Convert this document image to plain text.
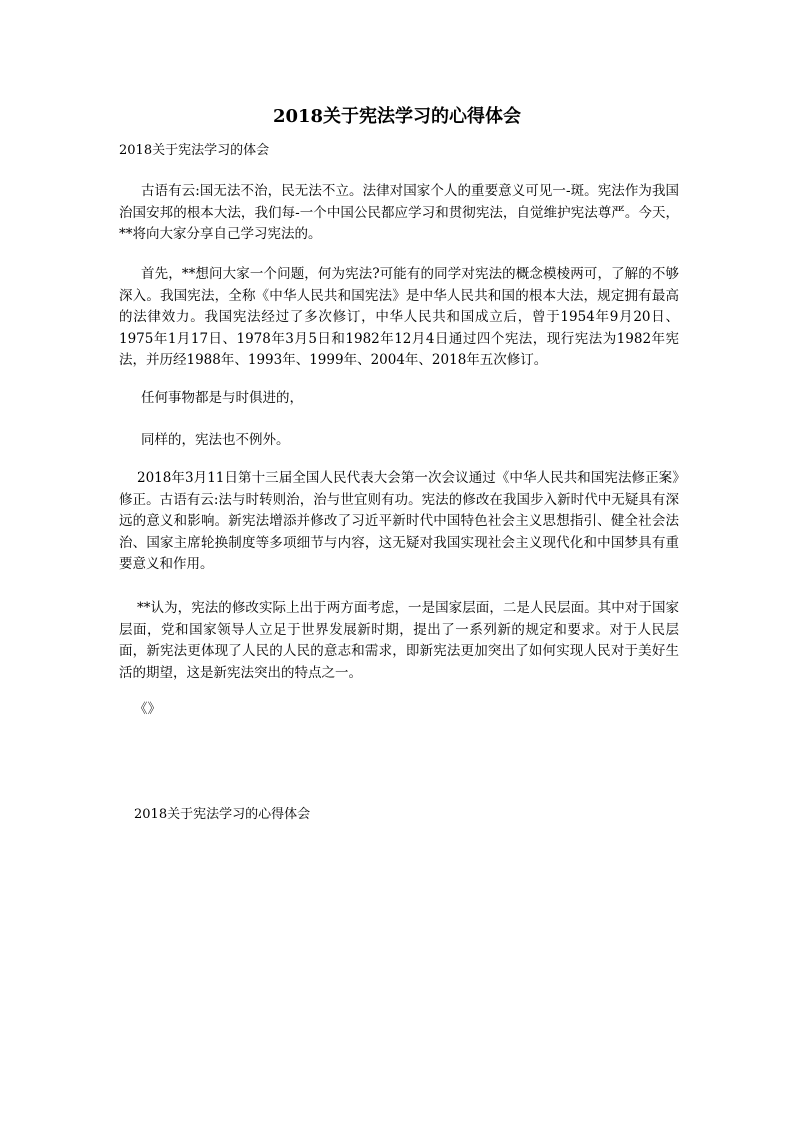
2018关于宪法学习的心得体会
2018关于宪法学习的体会

古语有云:国无法不治，民无法不立。法律对国家个人的重要意义可见一-斑。宪法作为我国治国安邦的根本大法，我们每-一个中国公民都应学习和贯彻宪法，自觉维护宪法尊严。今天，**将向大家分享自己学习宪法的。

首先，**想问大家一个问题，何为宪法?可能有的同学对宪法的概念模棱两可，了解的不够深入。我国宪法，全称《中华人民共和国宪法》是中华人民共和国的根本大法，规定拥有最高的法律效力。我国宪法经过了多次修订，中华人民共和国成立后，曾于1954年9月20日、1975年1月17日、1978年3月5日和1982年12月4日通过四个宪法，现行宪法为1982年宪法，并历经1988年、1993年、1999年、2004年、2018年五次修订。

任何事物都是与时俱进的，

同样的，宪法也不例外。

2018年3月11日第十三届全国人民代表大会第一次会议通过《中华人民共和国宪法修正案》修正。古语有云:法与时转则治，治与世宜则有功。宪法的修改在我国步入新时代中无疑具有深远的意义和影响。新宪法增添并修改了习近平新时代中国特色社会主义思想指引、健全社会法治、国家主席轮换制度等多项细节与内容，这无疑对我国实现社会主义现代化和中国梦具有重要意义和作用。

**认为，宪法的修改实际上出于两方面考虑，一是国家层面，二是人民层面。其中对于国家层面，党和国家领导人立足于世界发展新时期，提出了一系列新的规定和要求。对于人民层面，新宪法更体现了人民的人民的意志和需求，即新宪法更加突出了如何实现人民对于美好生活的期望，这是新宪法突出的特点之一。

《》

2018关于宪法学习的心得体会
